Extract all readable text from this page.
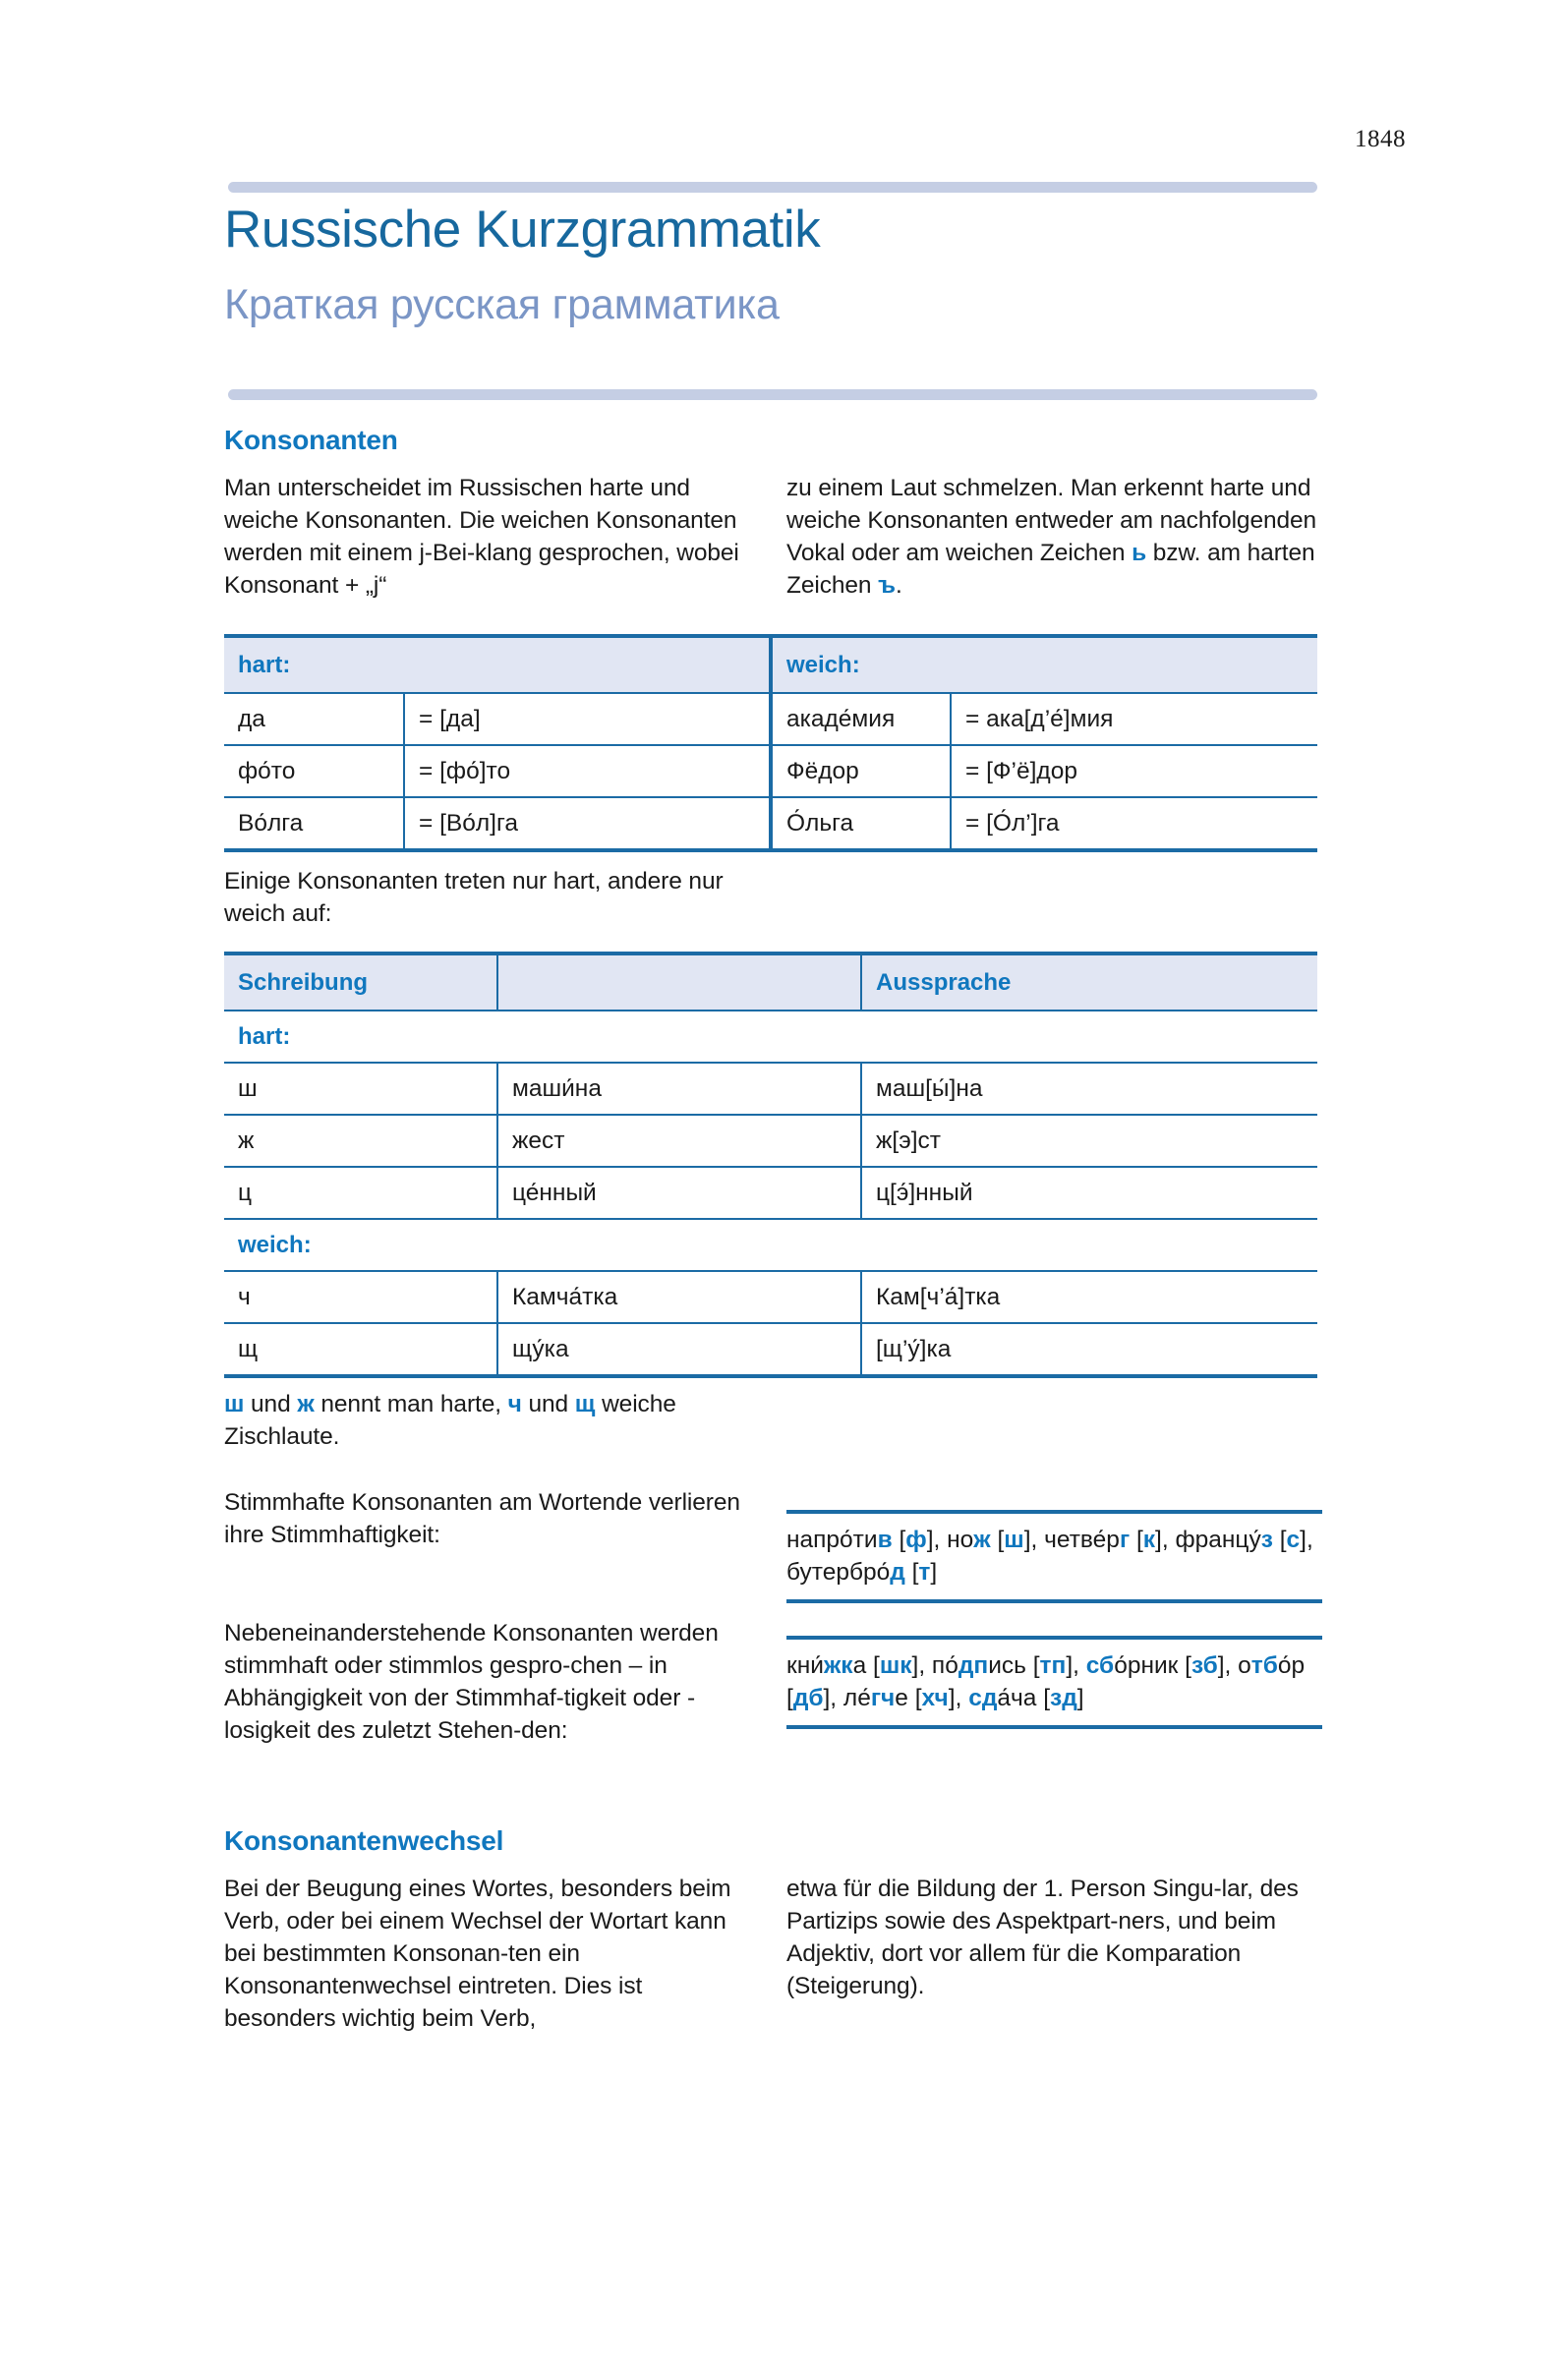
1848
Russische Kurzgrammatik
Краткая русская грамматика
Konsonanten
Man unterscheidet im Russischen harte und weiche Konsonanten. Die weichen Konsonanten werden mit einem j-Bei-klang gesprochen, wobei Konsonant + „j“
zu einem Laut schmelzen. Man erkennt harte und weiche Konsonanten entweder am nachfolgenden Vokal oder am weichen Zeichen ь bzw. am harten Zeichen ъ.
hart:		weich:	

да	= [да]	акаде́мия	= ака[д’е́]мия

фо́то	= [фо́]то	Фёдор	= [Ф’ё]дор

Во́лга	= [Во́л]га	О́льга	= [О́л’]га
Einige Konsonanten treten nur hart, andere nur weich auf:
Schreibung		Aussprache

hart:		

ш	маши́на	маш[ы́]на

ж	жест	ж[э]ст

ц	це́нный	ц[э́]нный

weich:		

ч	Камча́тка	Кам[ч’а́]тка

щ	щу́ка	[щ’у́]ка
ш und ж nennt man harte, ч und щ weiche Zischlaute.
Stimmhafte Konsonanten am Wortende verlieren ihre Stimmhaftigkeit:	напро́тив [ф], нож [ш], четве́рг [к], францу́з [с], бутербро́д [т]
Nebeneinanderstehende Konsonanten werden stimmhaft oder stimmlos gespro-chen – in Abhängigkeit von der Stimmhaf-tigkeit oder -losigkeit des zuletzt Stehen-den:
кни́жка [шк], по́дпись [тп], сбо́рник [зб], отбо́р [дб], ле́гче [хч], сда́ча [зд]
Konsonantenwechsel
Bei der Beugung eines Wortes, besonders beim Verb, oder bei einem Wechsel der Wortart kann bei bestimmten Konsonan-ten ein Konsonantenwechsel eintreten. Dies ist besonders wichtig beim Verb,
etwa für die Bildung der 1. Person Singu-lar, des Partizips sowie des Aspektpart-ners, und beim Adjektiv, dort vor allem für die Komparation (Steigerung).
